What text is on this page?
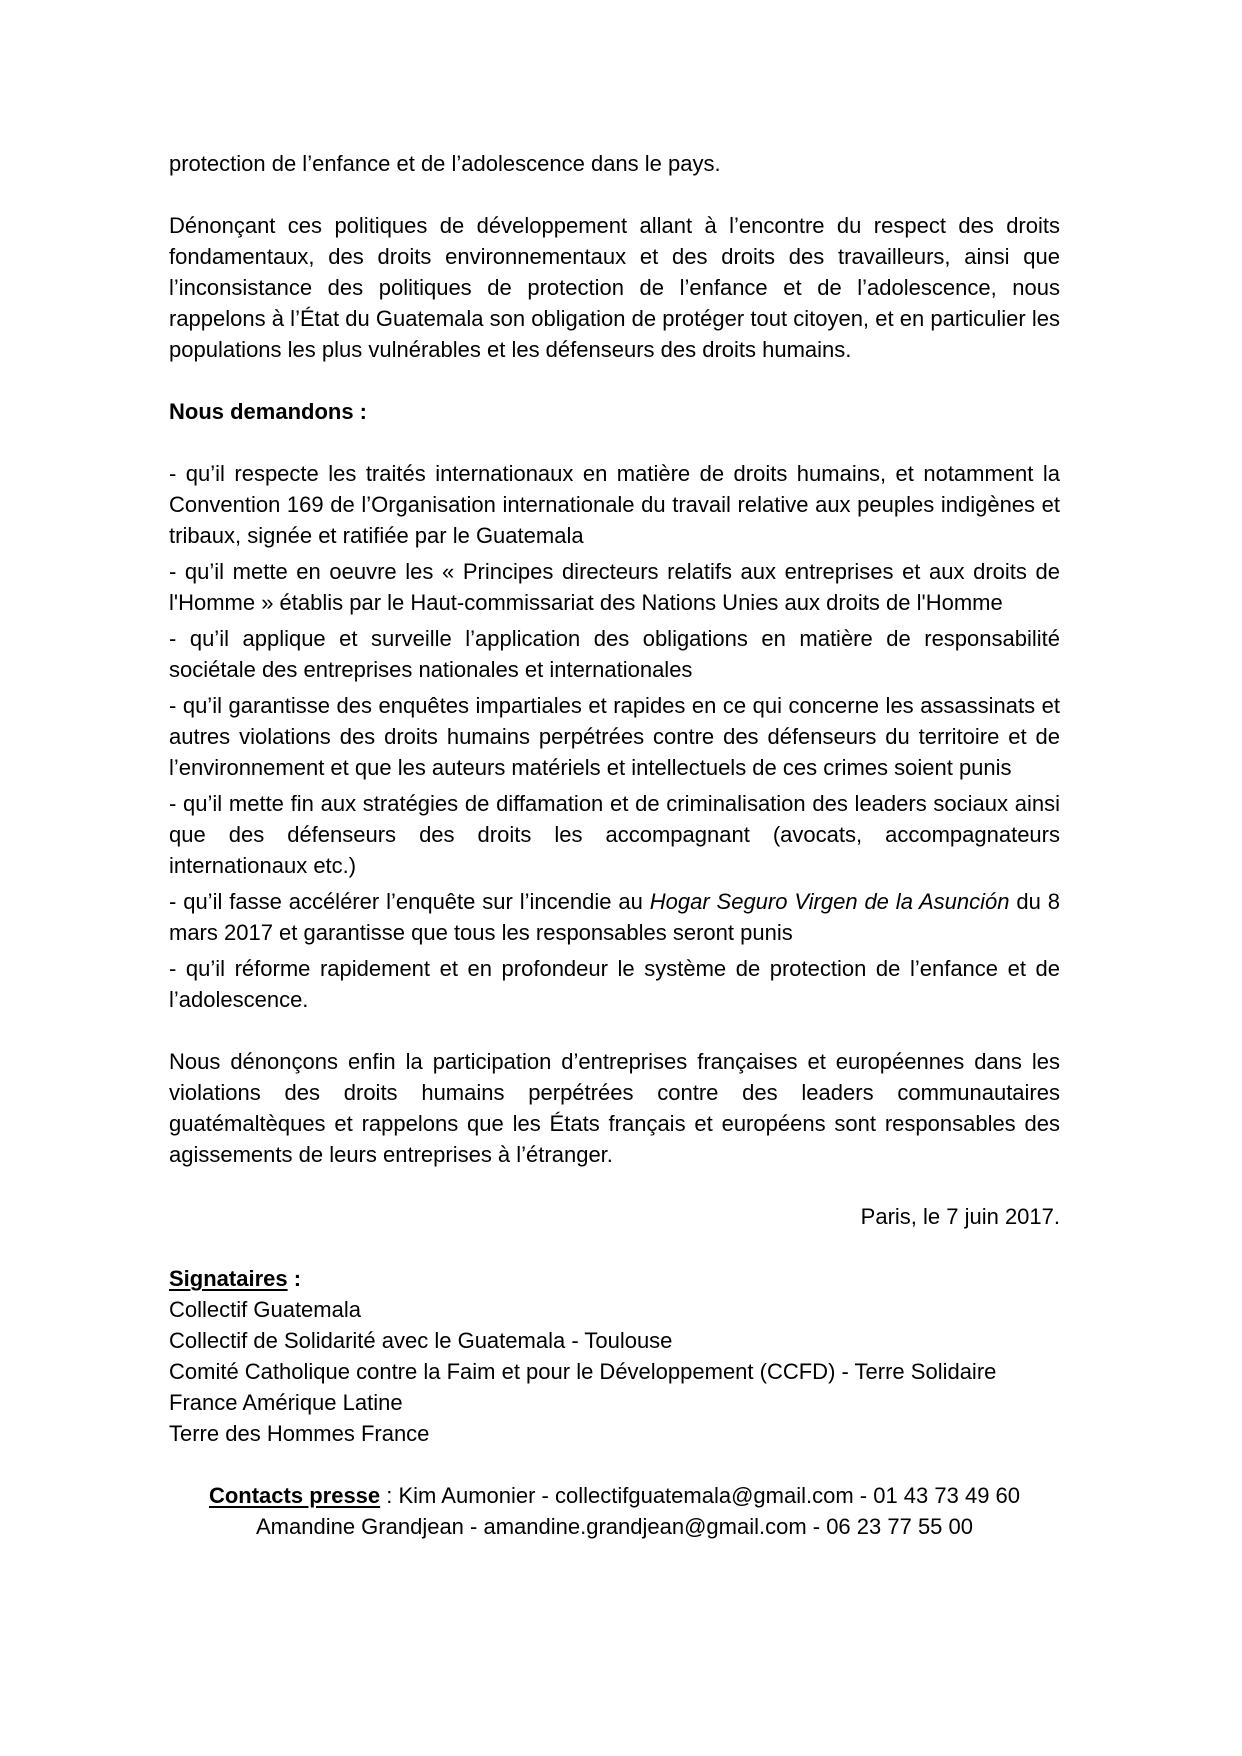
protection de l’enfance et de l’adolescence dans le pays.

Dénonçant ces politiques de développement allant à l’encontre du respect des droits fondamentaux, des droits environnementaux et des droits des travailleurs, ainsi que l’inconsistance des politiques de protection de l’enfance et de l’adolescence, nous rappelons à l’État du Guatemala son obligation de protéger tout citoyen, et en particulier les populations les plus vulnérables et les défenseurs des droits humains.

Nous demandons :

- qu’il respecte les traités internationaux en matière de droits humains, et notamment la Convention 169 de l’Organisation internationale du travail relative aux peuples indigènes et tribaux, signée et ratifiée par le Guatemala

- qu’il mette en oeuvre les « Principes directeurs relatifs aux entreprises et aux droits de l'Homme » établis par le Haut-commissariat des Nations Unies aux droits de l'Homme

- qu’il applique et surveille l’application des obligations en matière de responsabilité sociétale des entreprises nationales et internationales

- qu’il garantisse des enquêtes impartiales et rapides en ce qui concerne les assassinats et autres violations des droits humains perpétrées contre des défenseurs du territoire et de l’environnement et que les auteurs matériels et intellectuels de ces crimes soient punis

- qu’il mette fin aux stratégies de diffamation et de criminalisation des leaders sociaux ainsi que des défenseurs des droits les accompagnant (avocats, accompagnateurs internationaux etc.)

- qu’il fasse accélérer l’enquête sur l’incendie au Hogar Seguro Virgen de la Asunción du 8 mars 2017 et garantisse que tous les responsables seront punis

- qu’il réforme rapidement et en profondeur le système de protection de l’enfance et de l’adolescence.

Nous dénonçons enfin la participation d’entreprises françaises et européennes dans les violations des droits humains perpétrées contre des leaders communautaires guatémaltèques et rappelons que les États français et européens sont responsables des agissements de leurs entreprises à l’étranger.

Paris, le 7 juin 2017.

Signataires :

Collectif Guatemala

Collectif de Solidarité avec le Guatemala - Toulouse

Comité Catholique contre la Faim et pour le Développement (CCFD) - Terre Solidaire

France Amérique Latine

Terre des Hommes France

Contacts presse : Kim Aumonier - collectifguatemala@gmail.com - 01 43 73 49 60

Amandine Grandjean - amandine.grandjean@gmail.com - 06 23 77 55 00
